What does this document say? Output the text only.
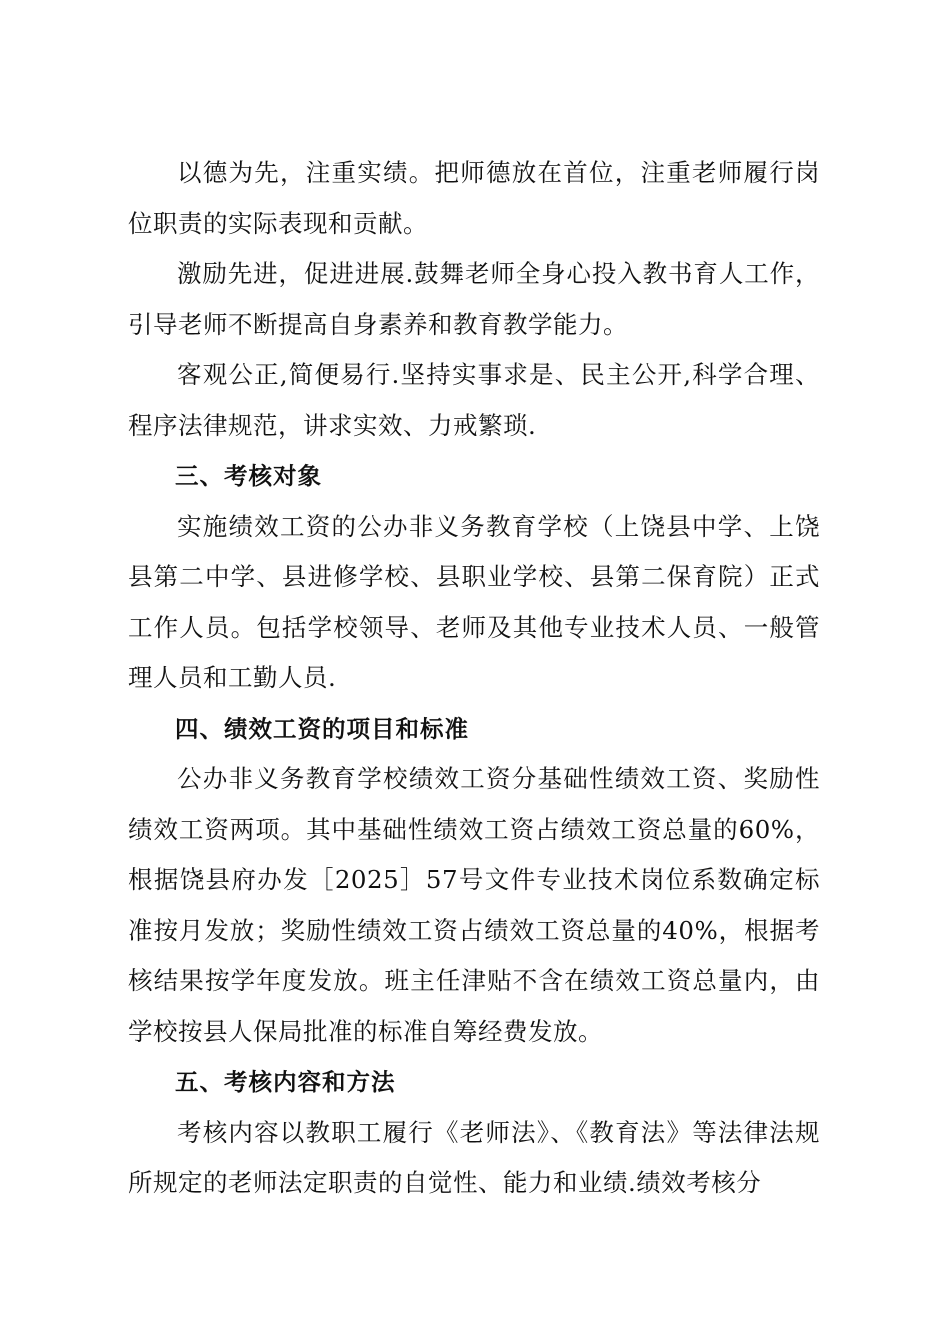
以德为先，注重实绩。把师德放在首位，注重老师履行岗位职责的实际表现和贡献。

激励先进，促进进展.鼓舞老师全身心投入教书育人工作，引导老师不断提高自身素养和教育教学能力。

客观公正,简便易行.坚持实事求是、民主公开,科学合理、程序法律规范，讲求实效、力戒繁琐.

三、考核对象

实施绩效工资的公办非义务教育学校（上饶县中学、上饶县第二中学、县进修学校、县职业学校、县第二保育院）正式工作人员。包括学校领导、老师及其他专业技术人员、一般管理人员和工勤人员.

四、绩效工资的项目和标准

公办非义务教育学校绩效工资分基础性绩效工资、奖励性绩效工资两项。其中基础性绩效工资占绩效工资总量的60%，根据饶县府办发［2025］57号文件专业技术岗位系数确定标准按月发放；奖励性绩效工资占绩效工资总量的40%，根据考核结果按学年度发放。班主任津贴不含在绩效工资总量内，由学校按县人保局批准的标准自筹经费发放。

五、考核内容和方法

考核内容以教职工履行《老师法》、《教育法》等法律法规所规定的老师法定职责的自觉性、能力和业绩.绩效考核分
